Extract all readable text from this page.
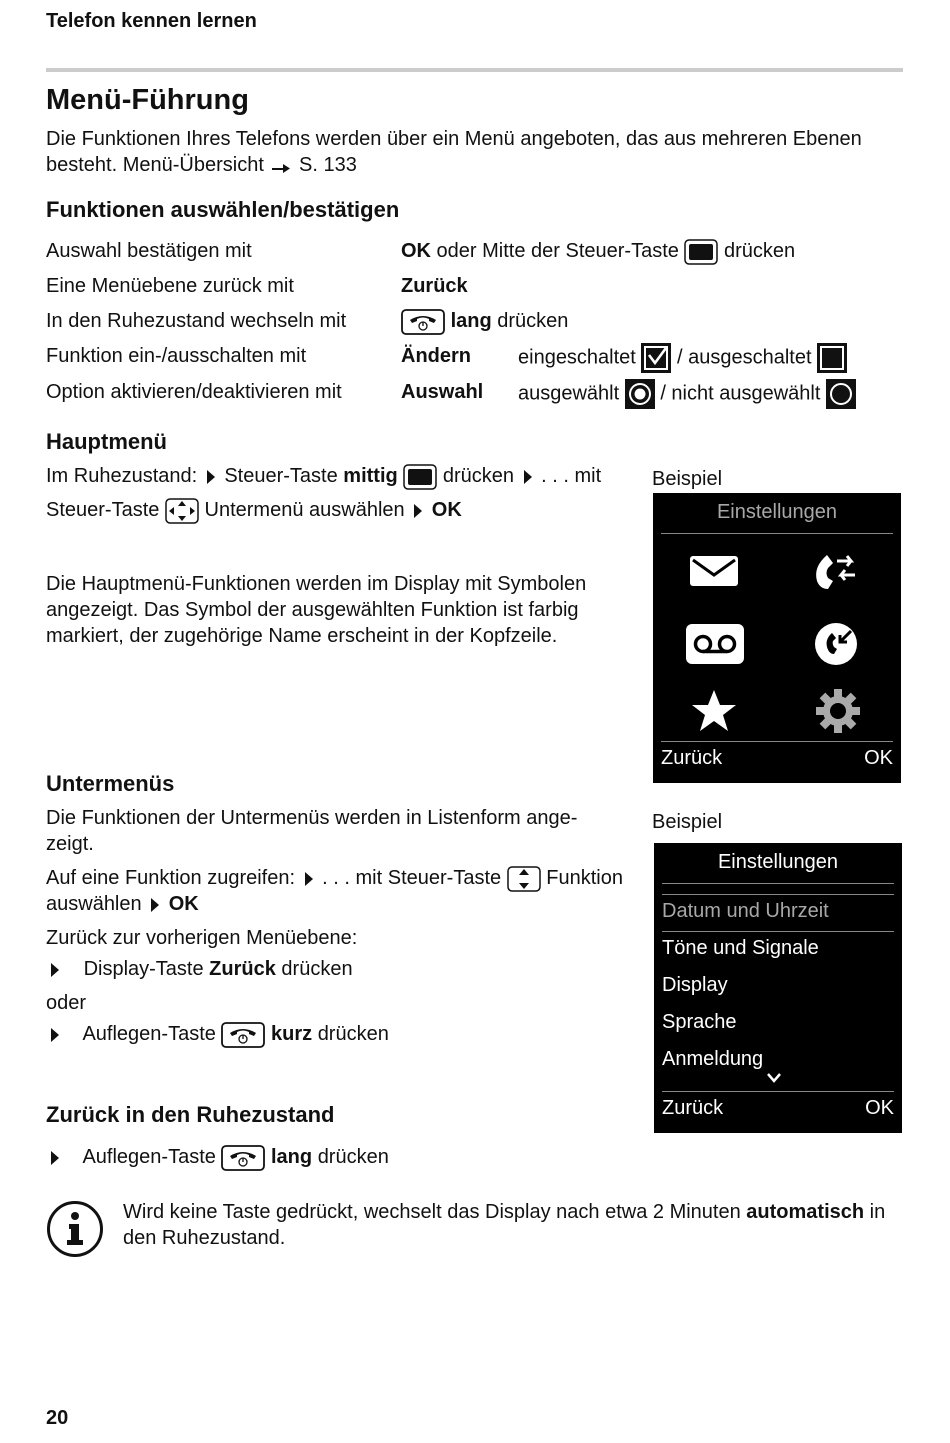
Telefon kennen lernen
Menü-Führung
Die Funktionen Ihres Telefons werden über ein Menü angeboten, das aus mehreren Ebenen
besteht. Menü-Übersicht S. 133
Funktionen auswählen/bestätigen
Auswahl bestätigen mit	OK oder Mitte der Steuer-Taste drücken
Eine Menüebene zurück mit	Zurück
In den Ruhezustand wechseln mit	lang drücken
Funktion ein-/ausschalten mit	Ändern eingeschaltet / ausgeschaltet
Option aktivieren/deaktivieren mit	Auswahl ausgewählt / nicht ausgewählt
Hauptmenü
Im Ruhezustand: Steuer-Taste mittig drücken . . . mit
Steuer-Taste Untermenü auswählen OK
Die Hauptmenü-Funktionen werden im Display mit Symbolen
angezeigt. Das Symbol der ausgewählten Funktion ist farbig
markiert, der zugehörige Name erscheint in der Kopfzeile.
Beispiel
Einstellungen
Zurück	OK
Untermenüs
Die Funktionen der Untermenüs werden in Listenform ange-
zeigt.
Auf eine Funktion zugreifen: . . . mit Steuer-Taste Funktion
auswählen OK
Zurück zur vorherigen Menüebene:
Display-Taste Zurück drücken
oder
Auflegen-Taste	kurz drücken
Beispiel
Einstellungen
Datum und Uhrzeit
Töne und Signale
Display
Sprache
Anmeldung
Zurück	OK
Zurück in den Ruhezustand
Auflegen-Taste	lang drücken
Wird keine Taste gedrückt, wechselt das Display nach etwa 2 Minuten automatisch in
den Ruhezustand.
20
